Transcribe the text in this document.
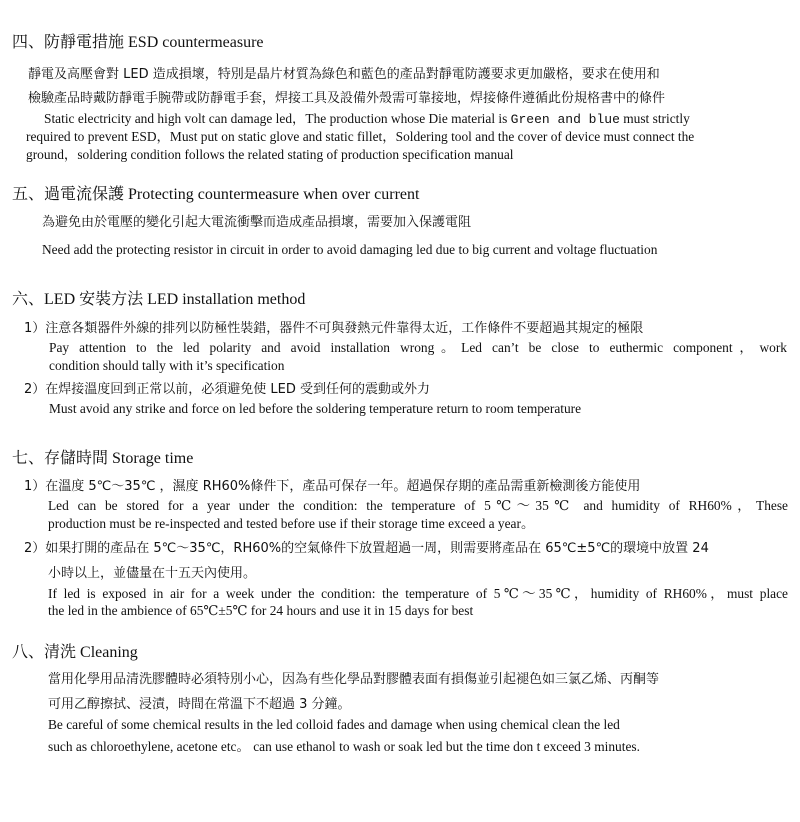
四、防靜電措施 ESD countermeasure
靜電及高壓會對 LED 造成損壞，特別是晶片材質為綠色和藍色的產品對靜電防護要求更加嚴格，要求在使用和
檢驗產品時戴防靜電手腕帶或防靜電手套，焊接工具及設備外殼需可靠接地，焊接條件遵循此份規格書中的條件
Static electricity and high volt can damage led，The production whose Die material is Green and blue must strictly
required to prevent ESD，Must put on static glove and static fillet，Soldering tool and the cover of device must connect the
ground，soldering condition follows the related stating of production specification manual
五、過電流保護 Protecting countermeasure when over current
為避免由於電壓的變化引起大電流衝擊而造成產品損壞，需要加入保護電阻
Need add the protecting resistor in circuit in order to avoid damaging led due to big current and voltage fluctuation
六、LED 安裝方法 LED installation method
1）注意各類器件外線的排列以防極性裝錯，器件不可與發熱元件靠得太近，工作條件不要超過其規定的極限
Pay attention to the led polarity and avoid installation wrong。Led can’t be close to euthermic component，work
condition should tally with it’s specification
2）在焊接溫度回到正常以前，必須避免使 LED 受到任何的震動或外力
Must avoid any strike and force on led before the soldering temperature return to room temperature
七、存儲時間 Storage time
1）在溫度 5℃～35℃ ，濕度 RH60%條件下，產品可保存一年。超過保存期的產品需重新檢測後方能使用
Led can be stored for a year under the condition: the temperature of 5℃～35℃ and humidity of RH60%，These
production must be re-inspected and tested before use if their storage time exceed a year。
2）如果打開的產品在 5℃～35℃，RH60%的空氣條件下放置超過一周，則需要將產品在 65℃±5℃的環境中放置 24
小時以上，並儘量在十五天內使用。
If led is exposed in air for a week under the condition: the temperature of 5℃～35℃，humidity of RH60%，must place
the led in the ambience of 65℃±5℃ for 24 hours and use it in 15 days for best
八、清洗 Cleaning
當用化學用品清洗膠體時必須特別小心，因為有些化學品對膠體表面有損傷並引起褪色如三氯乙烯、丙酮等
可用乙醇擦拭、浸漬，時間在常溫下不超過 3 分鐘。
Be careful of some chemical results in the led colloid fades and damage when using chemical clean the led
such as chloroethylene, acetone etc。 can use ethanol to wash or soak led but the time don t exceed 3 minutes.
